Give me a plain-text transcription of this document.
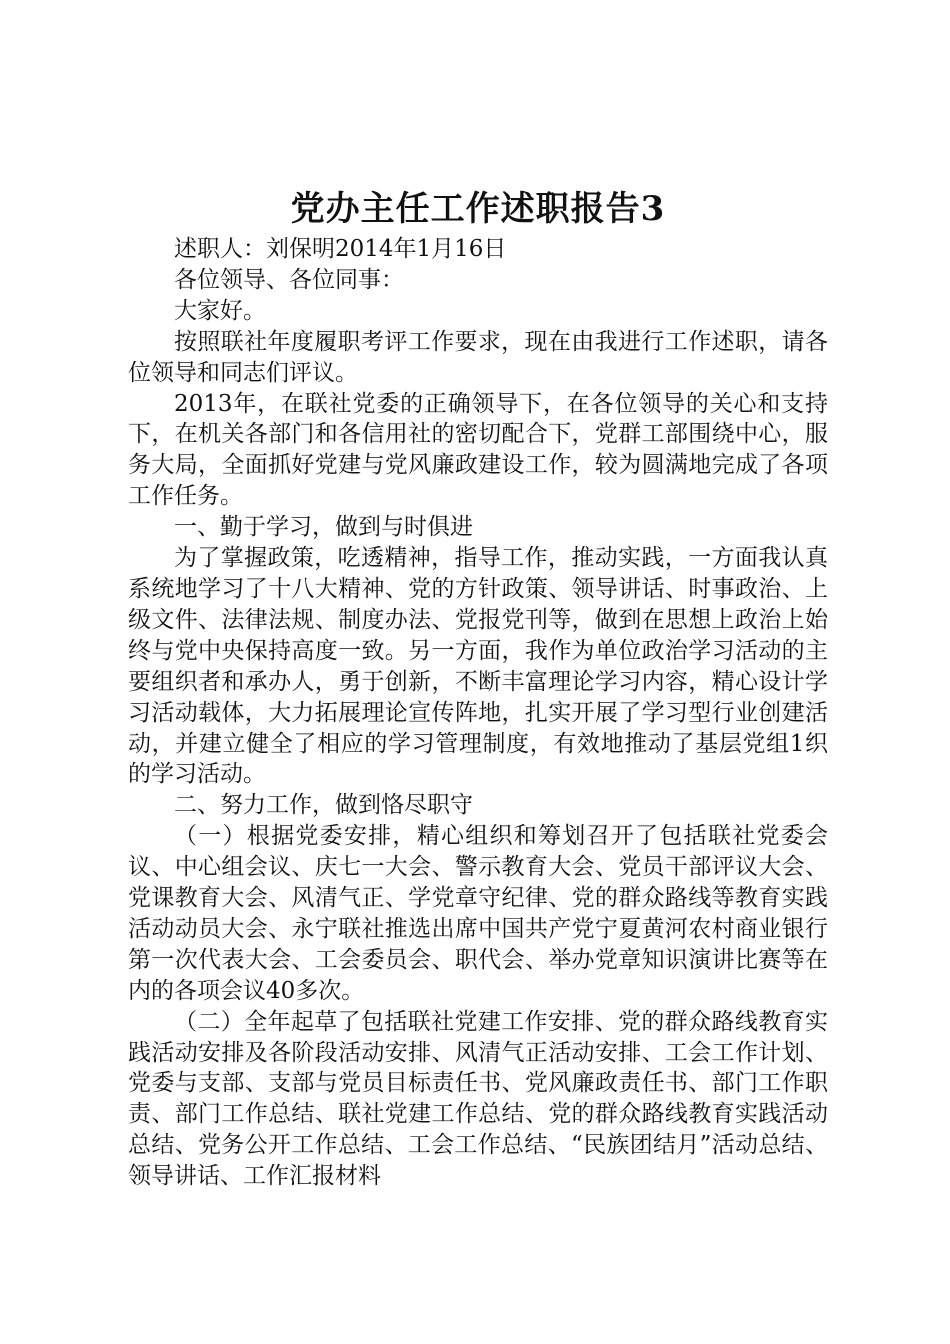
党办主任工作述职报告3

述职人：刘保明2014年1月16日

各位领导、各位同事：

大家好。

按照联社年度履职考评工作要求，现在由我进行工作述职，请各位领导和同志们评议。

2013年，在联社党委的正确领导下，在各位领导的关心和支持下，在机关各部门和各信用社的密切配合下，党群工部围绕中心，服务大局，全面抓好党建与党风廉政建设工作，较为圆满地完成了各项工作任务。

一、勤于学习，做到与时俱进

为了掌握政策，吃透精神，指导工作，推动实践，一方面我认真系统地学习了十八大精神、党的方针政策、领导讲话、时事政治、上级文件、法律法规、制度办法、党报党刊等，做到在思想上政治上始终与党中央保持高度一致。另一方面，我作为单位政治学习活动的主要组织者和承办人，勇于创新，不断丰富理论学习内容，精心设计学习活动载体，大力拓展理论宣传阵地，扎实开展了学习型行业创建活动，并建立健全了相应的学习管理制度，有效地推动了基层党组1织的学习活动。

二、努力工作，做到恪尽职守

（一）根据党委安排，精心组织和筹划召开了包括联社党委会议、中心组会议、庆七一大会、警示教育大会、党员干部评议大会、党课教育大会、风清气正、学党章守纪律、党的群众路线等教育实践活动动员大会、永宁联社推选出席中国共产党宁夏黄河农村商业银行第一次代表大会、工会委员会、职代会、举办党章知识演讲比赛等在内的各项会议40多次。

（二）全年起草了包括联社党建工作安排、党的群众路线教育实践活动安排及各阶段活动安排、风清气正活动安排、工会工作计划、党委与支部、支部与党员目标责任书、党风廉政责任书、部门工作职责、部门工作总结、联社党建工作总结、党的群众路线教育实践活动总结、党务公开工作总结、工会工作总结、“民族团结月”活动总结、领导讲话、工作汇报材料
